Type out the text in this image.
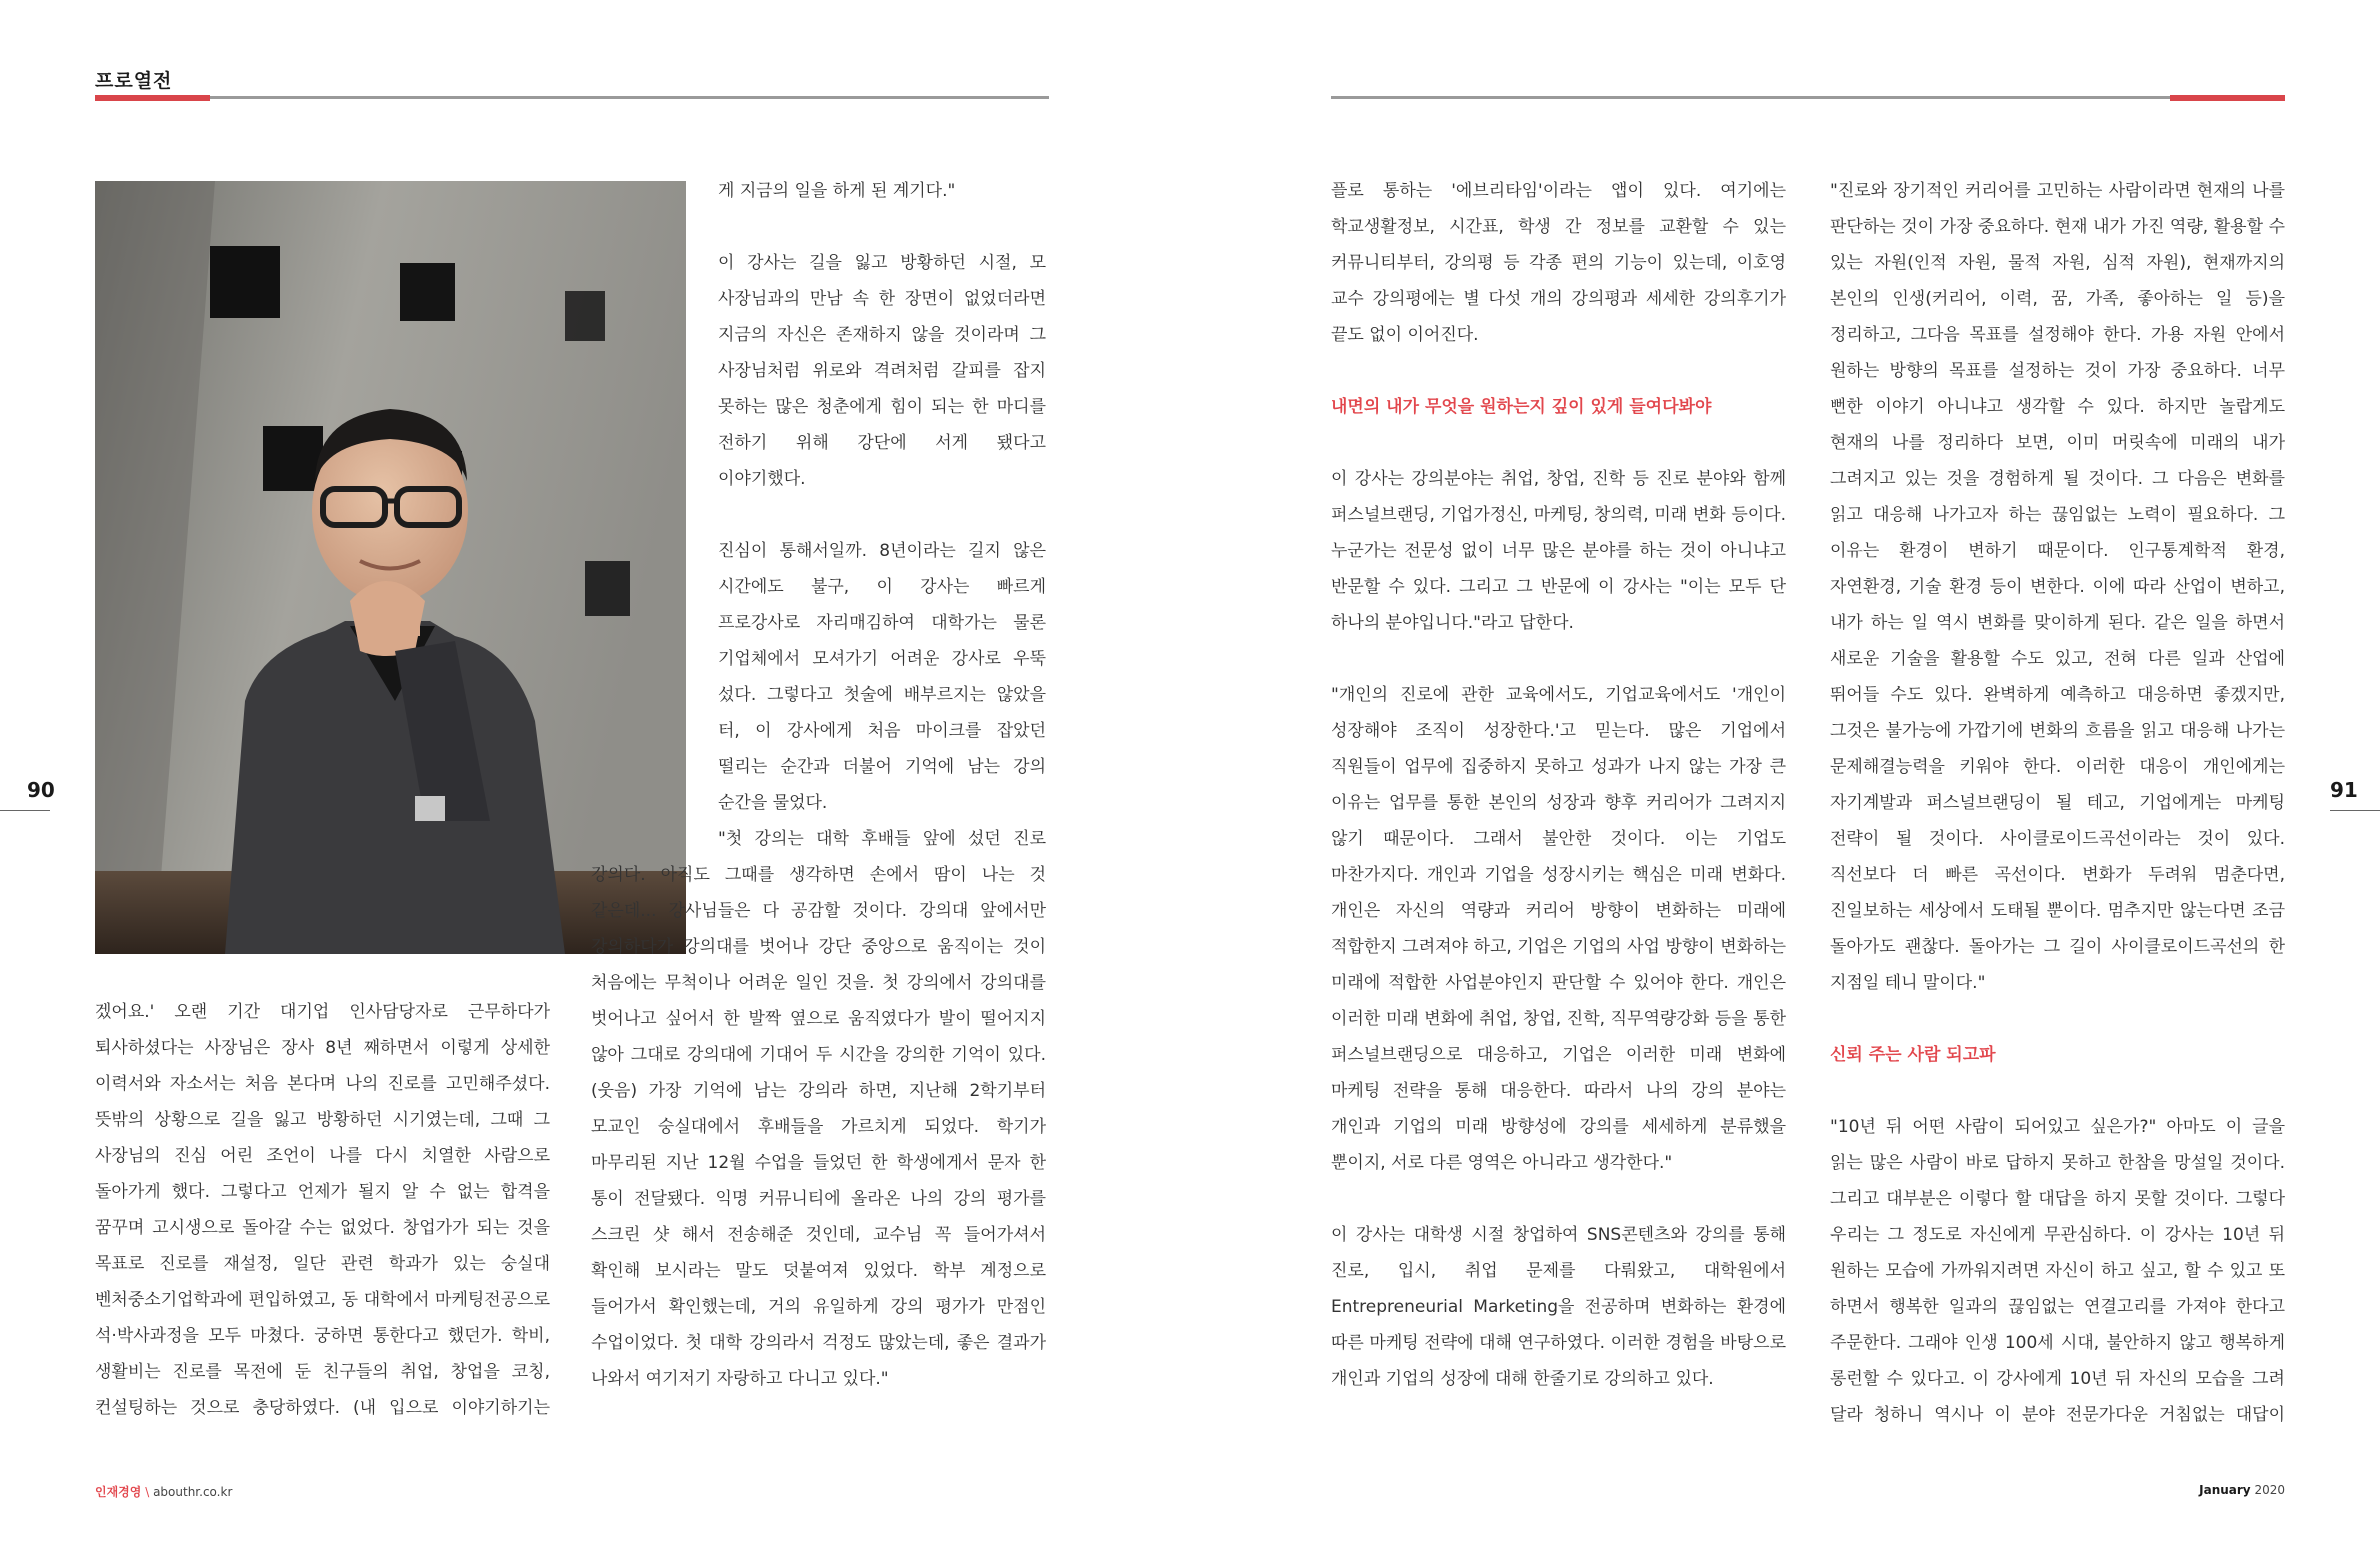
프로열전

겠어요.' 오랜 기간 대기업 인사담당자로 근무하다가 퇴사하셨다는 사장님은 장사 8년 째하면서 이렇게 상세한 이력서와 자소서는 처음 본다며 나의 진로를 고민해주셨다. 뜻밖의 상황으로 길을 잃고 방황하던 시기였는데, 그때 그 사장님의 진심 어린 조언이 나를 다시 치열한 사람으로 돌아가게 했다. 그렇다고 언제가 될지 알 수 없는 합격을 꿈꾸며 고시생으로 돌아갈 수는 없었다. 창업가가 되는 것을 목표로 진로를 재설정, 일단 관련 학과가 있는 숭실대 벤처중소기업학과에 편입하였고, 동 대학에서 마케팅전공으로 석·박사과정을 모두 마쳤다. 궁하면 통한다고 했던가. 학비, 생활비는 진로를 목전에 둔 친구들의 취업, 창업을 코칭, 컨설팅하는 것으로 충당하였다. (내 입으로 이야기하기는

게 지금의 일을 하게 된 계기다."

이 강사는 길을 잃고 방황하던 시절, 모 사장님과의 만남 속 한 장면이 없었더라면 지금의 자신은 존재하지 않을 것이라며 그 사장님처럼 위로와 격려처럼 갈피를 잡지 못하는 많은 청춘에게 힘이 되는 한 마디를 전하기 위해 강단에 서게 됐다고 이야기했다.

진심이 통해서일까. 8년이라는 길지 않은 시간에도 불구, 이 강사는 빠르게 프로강사로 자리매김하여 대학가는 물론 기업체에서 모셔가기 어려운 강사로 우뚝 섰다. 그렇다고 첫술에 배부르지는 않았을 터, 이 강사에게 처음 마이크를 잡았던 떨리는 순간과 더불어 기억에 남는 강의 순간을 물었다.

"첫 강의는 대학 후배들 앞에 섰던 진로 강의다. 아직도 그때를 생각하면 손에서 땀이 나는 것 같은데... 강사님들은 다 공감할 것이다. 강의대 앞에서만 강의하다가 강의대를 벗어나 강단 중앙으로 움직이는 것이 처음에는 무척이나 어려운 일인 것을. 첫 강의에서 강의대를 벗어나고 싶어서 한 발짝 옆으로 움직였다가 발이 떨어지지 않아 그대로 강의대에 기대어 두 시간을 강의한 기억이 있다. (웃음) 가장 기억에 남는 강의라 하면, 지난해 2학기부터 모교인 숭실대에서 후배들을 가르치게 되었다. 학기가 마무리된 지난 12월 수업을 들었던 한 학생에게서 문자 한 통이 전달됐다. 익명 커뮤니티에 올라온 나의 강의 평가를 스크린 샷 해서 전송해준 것인데, 교수님 꼭 들어가셔서 확인해 보시라는 말도 덧붙여져 있었다. 학부 계정으로 들어가서 확인했는데, 거의 유일하게 강의 평가가 만점인 수업이었다. 첫 대학 강의라서 걱정도 많았는데, 좋은 결과가 나와서 여기저기 자랑하고 다니고 있다."

90

플로 통하는 '에브리타임'이라는 앱이 있다. 여기에는 학교생활정보, 시간표, 학생 간 정보를 교환할 수 있는 커뮤니티부터, 강의평 등 각종 편의 기능이 있는데, 이호영 교수 강의평에는 별 다섯 개의 강의평과 세세한 강의후기가 끝도 없이 이어진다.

내면의 내가 무엇을 원하는지 깊이 있게 들여다봐야

이 강사는 강의분야는 취업, 창업, 진학 등 진로 분야와 함께 퍼스널브랜딩, 기업가정신, 마케팅, 창의력, 미래 변화 등이다. 누군가는 전문성 없이 너무 많은 분야를 하는 것이 아니냐고 반문할 수 있다. 그리고 그 반문에 이 강사는 "이는 모두 단 하나의 분야입니다."라고 답한다.

"개인의 진로에 관한 교육에서도, 기업교육에서도 '개인이 성장해야 조직이 성장한다.'고 믿는다. 많은 기업에서 직원들이 업무에 집중하지 못하고 성과가 나지 않는 가장 큰 이유는 업무를 통한 본인의 성장과 향후 커리어가 그려지지 않기 때문이다. 그래서 불안한 것이다. 이는 기업도 마찬가지다. 개인과 기업을 성장시키는 핵심은 미래 변화다. 개인은 자신의 역량과 커리어 방향이 변화하는 미래에 적합한지 그려져야 하고, 기업은 기업의 사업 방향이 변화하는 미래에 적합한 사업분야인지 판단할 수 있어야 한다. 개인은 이러한 미래 변화에 취업, 창업, 진학, 직무역량강화 등을 통한 퍼스널브랜딩으로 대응하고, 기업은 이러한 미래 변화에 마케팅 전략을 통해 대응한다. 따라서 나의 강의 분야는 개인과 기업의 미래 방향성에 강의를 세세하게 분류했을 뿐이지, 서로 다른 영역은 아니라고 생각한다."

이 강사는 대학생 시절 창업하여 SNS콘텐츠와 강의를 통해 진로, 입시, 취업 문제를 다뤄왔고, 대학원에서 Entrepreneurial Marketing을 전공하며 변화하는 환경에 따른 마케팅 전략에 대해 연구하였다. 이러한 경험을 바탕으로 개인과 기업의 성장에 대해 한줄기로 강의하고 있다.

"진로와 장기적인 커리어를 고민하는 사람이라면 현재의 나를 판단하는 것이 가장 중요하다. 현재 내가 가진 역량, 활용할 수 있는 자원(인적 자원, 물적 자원, 심적 자원), 현재까지의 본인의 인생(커리어, 이력, 꿈, 가족, 좋아하는 일 등)을 정리하고, 그다음 목표를 설정해야 한다. 가용 자원 안에서 원하는 방향의 목표를 설정하는 것이 가장 중요하다. 너무 뻔한 이야기 아니냐고 생각할 수 있다. 하지만 놀랍게도 현재의 나를 정리하다 보면, 이미 머릿속에 미래의 내가 그려지고 있는 것을 경험하게 될 것이다. 그 다음은 변화를 읽고 대응해 나가고자 하는 끊임없는 노력이 필요하다. 그 이유는 환경이 변하기 때문이다. 인구통계학적 환경, 자연환경, 기술 환경 등이 변한다. 이에 따라 산업이 변하고, 내가 하는 일 역시 변화를 맞이하게 된다. 같은 일을 하면서 새로운 기술을 활용할 수도 있고, 전혀 다른 일과 산업에 뛰어들 수도 있다. 완벽하게 예측하고 대응하면 좋겠지만, 그것은 불가능에 가깝기에 변화의 흐름을 읽고 대응해 나가는 문제해결능력을 키워야 한다. 이러한 대응이 개인에게는 자기계발과 퍼스널브랜딩이 될 테고, 기업에게는 마케팅 전략이 될 것이다. 사이클로이드곡선이라는 것이 있다. 직선보다 더 빠른 곡선이다. 변화가 두려워 멈춘다면, 진일보하는 세상에서 도태될 뿐이다. 멈추지만 않는다면 조금 돌아가도 괜찮다. 돌아가는 그 길이 사이클로이드곡선의 한 지점일 테니 말이다."

신뢰 주는 사람 되고파

"10년 뒤 어떤 사람이 되어있고 싶은가?" 아마도 이 글을 읽는 많은 사람이 바로 답하지 못하고 한참을 망설일 것이다. 그리고 대부분은 이렇다 할 대답을 하지 못할 것이다. 그렇다 우리는 그 정도로 자신에게 무관심하다. 이 강사는 10년 뒤 원하는 모습에 가까워지려면 자신이 하고 싶고, 할 수 있고 또 하면서 행복한 일과의 끊임없는 연결고리를 가져야 한다고 주문한다. 그래야 인생 100세 시대, 불안하지 않고 행복하게 롱런할 수 있다고. 이 강사에게 10년 뒤 자신의 모습을 그려 달라 청하니 역시나 이 분야 전문가다운 거침없는 대답이

91
인재경영 \ abouthr.co.kr	January 2020
